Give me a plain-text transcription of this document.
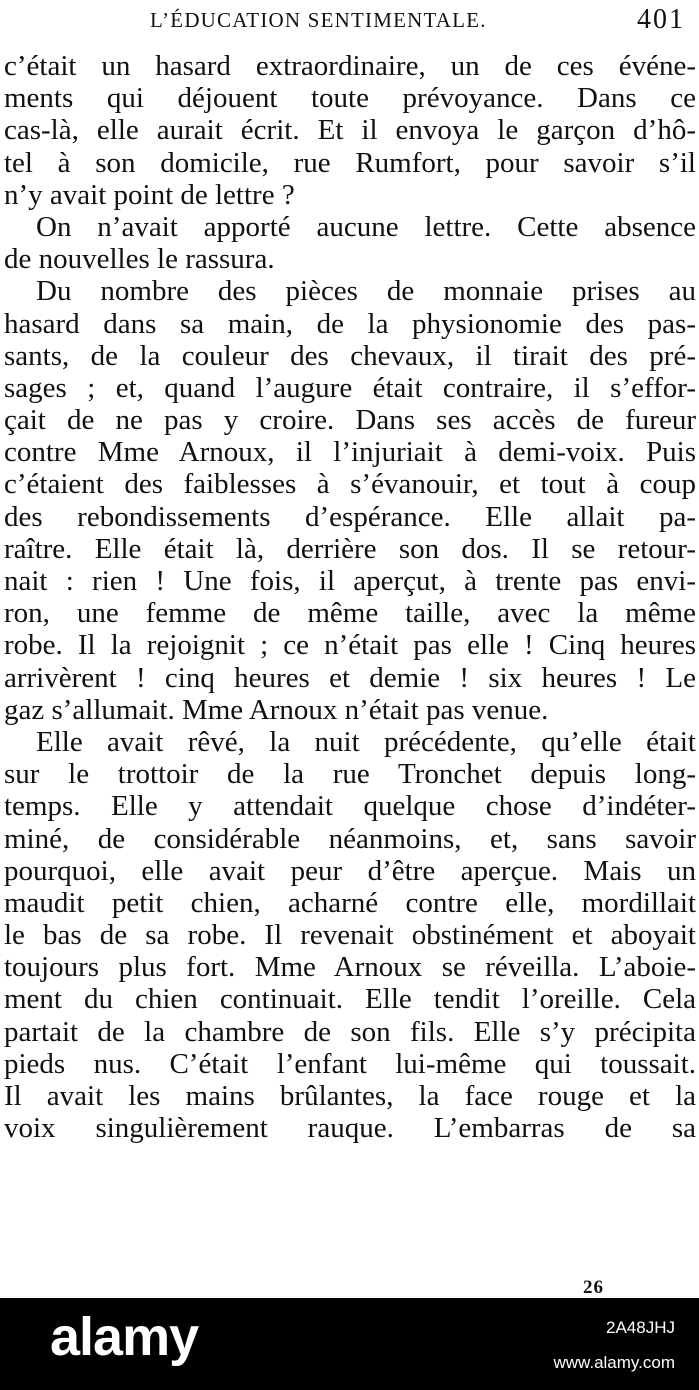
L’ÉDUCATION SENTIMENTALE.	401
c’était un hasard extraordinaire, un de ces événe-
ments qui déjouent toute prévoyance. Dans ce
cas-là, elle aurait écrit. Et il envoya le garçon d’hô-
tel à son domicile, rue Rumfort, pour savoir s’il
n’y avait point de lettre ?
On n’avait apporté aucune lettre. Cette absence
de nouvelles le rassura.
Du nombre des pièces de monnaie prises au
hasard dans sa main, de la physionomie des pas-
sants, de la couleur des chevaux, il tirait des pré-
sages ; et, quand l’augure était contraire, il s’effor-
çait de ne pas y croire. Dans ses accès de fureur
contre Mme Arnoux, il l’injuriait à demi-voix. Puis
c’étaient des faiblesses à s’évanouir, et tout à coup
des rebondissements d’espérance. Elle allait pa-
raître. Elle était là, derrière son dos. Il se retour-
nait : rien ! Une fois, il aperçut, à trente pas envi-
ron, une femme de même taille, avec la même
robe. Il la rejoignit ; ce n’était pas elle ! Cinq heures
arrivèrent ! cinq heures et demie ! six heures ! Le
gaz s’allumait. Mme Arnoux n’était pas venue.
Elle avait rêvé, la nuit précédente, qu’elle était
sur le trottoir de la rue Tronchet depuis long-
temps. Elle y attendait quelque chose d’indéter-
miné, de considérable néanmoins, et, sans savoir
pourquoi, elle avait peur d’être aperçue. Mais un
maudit petit chien, acharné contre elle, mordillait
le bas de sa robe. Il revenait obstinément et aboyait
toujours plus fort. Mme Arnoux se réveilla. L’aboie-
ment du chien continuait. Elle tendit l’oreille. Cela
partait de la chambre de son fils. Elle s’y précipita
pieds nus. C’était l’enfant lui-même qui toussait.
Il avait les mains brûlantes, la face rouge et la
voix singulièrement rauque. L’embarras de sa
26
alamy	2A48JHJ
www.alamy.com
